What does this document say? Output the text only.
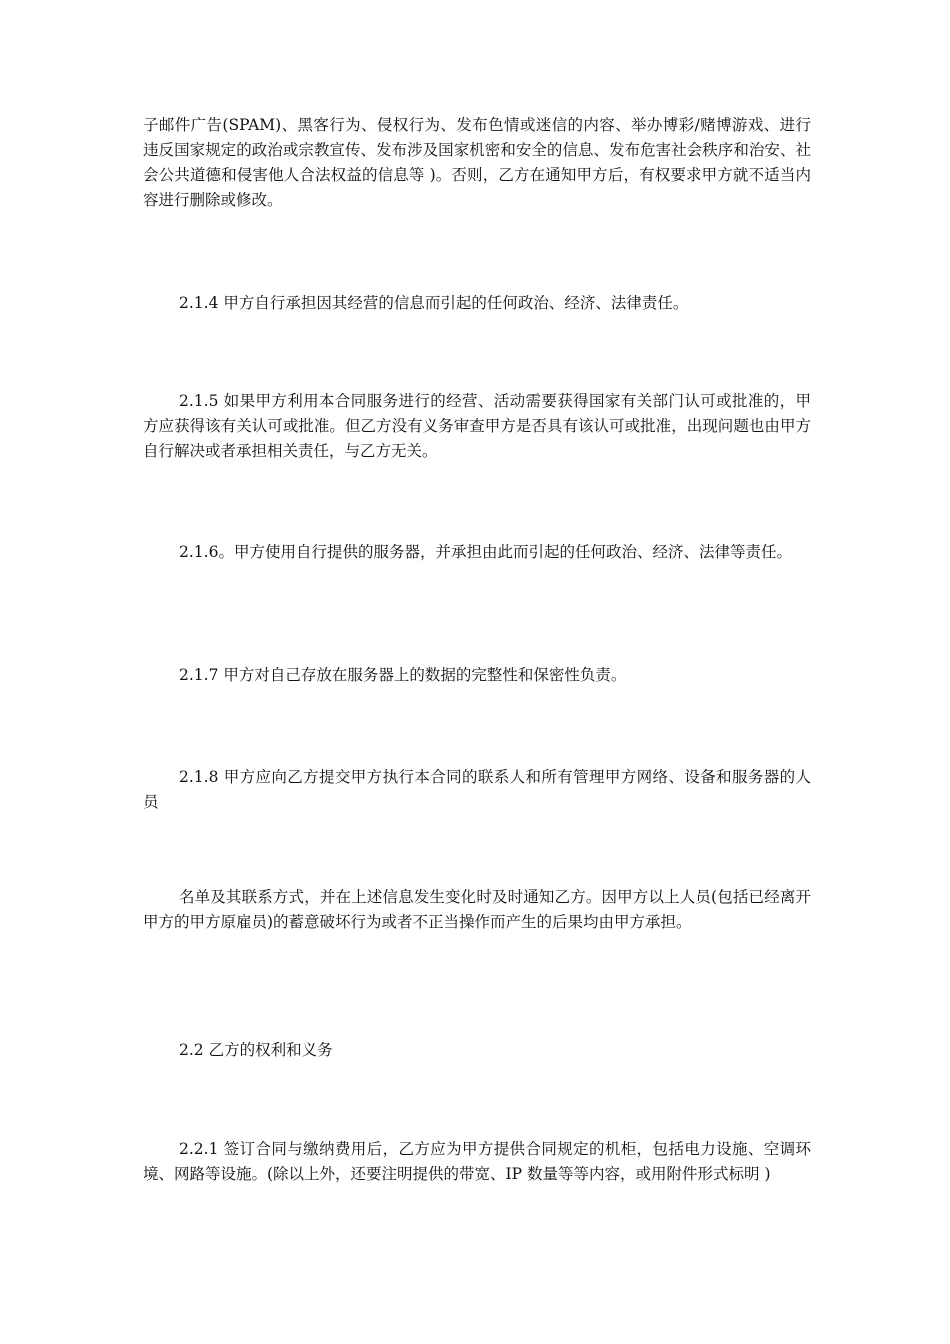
子邮件广告(SPAM)、黑客行为、侵权行为、发布色情或迷信的内容、举办博彩/赌博游戏、进行违反国家规定的政治或宗教宣传、发布涉及国家机密和安全的信息、发布危害社会秩序和治安、社会公共道德和侵害他人合法权益的信息等 )。否则，乙方在通知甲方后，有权要求甲方就不适当内容进行删除或修改。

2.1.4 甲方自行承担因其经营的信息而引起的任何政治、经济、法律责任。

2.1.5 如果甲方利用本合同服务进行的经营、活动需要获得国家有关部门认可或批准的，甲方应获得该有关认可或批准。但乙方没有义务审查甲方是否具有该认可或批准，出现问题也由甲方自行解决或者承担相关责任，与乙方无关。

2.1.6。甲方使用自行提供的服务器，并承担由此而引起的任何政治、经济、法律等责任。

2.1.7 甲方对自己存放在服务器上的数据的完整性和保密性负责。

2.1.8 甲方应向乙方提交甲方执行本合同的联系人和所有管理甲方网络、设备和服务器的人员

名单及其联系方式，并在上述信息发生变化时及时通知乙方。因甲方以上人员(包括已经离开甲方的甲方原雇员)的蓄意破坏行为或者不正当操作而产生的后果均由甲方承担。

2.2 乙方的权利和义务

2.2.1 签订合同与缴纳费用后，乙方应为甲方提供合同规定的机柜，包括电力设施、空调环境、网路等设施。(除以上外，还要注明提供的带宽、IP 数量等等内容，或用附件形式标明 )
